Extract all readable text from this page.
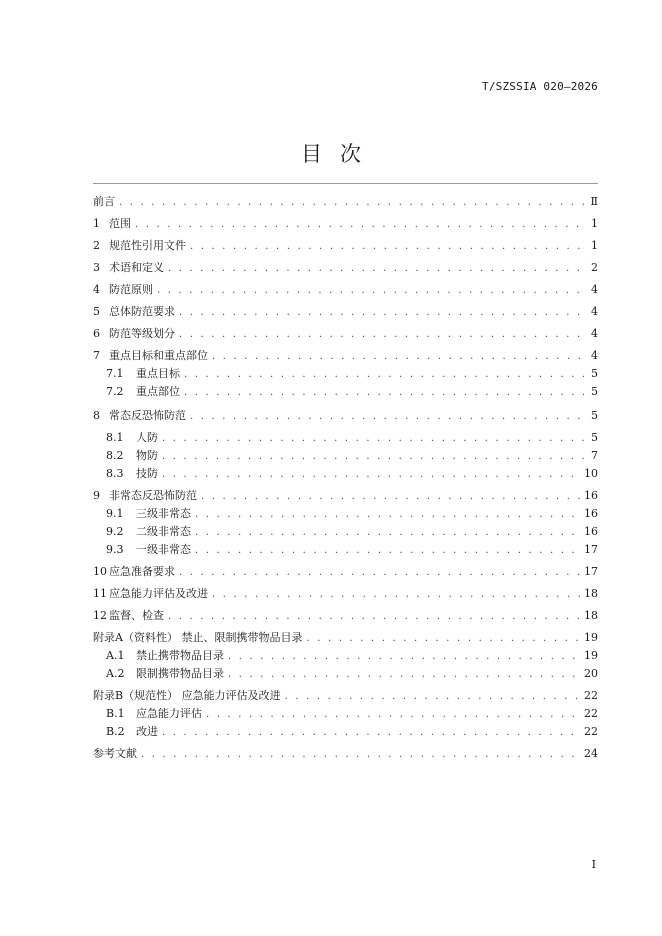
T/SZSSIA 020—2026
目次
前言 . . .	Ⅱ
1 范围 . . .	1
2 规范性引用文件 . . .	1
3 术语和定义 . . .	2
4 防范原则 . . .	4
5 总体防范要求 . . .	4
6 防范等级划分 . . .	4
7 重点目标和重点部位 . . .	4
7.1	重点目标 . . .	5
7.2	重点部位 . . .	5
8 常态反恐怖防范 . . .	5
8.1	人防 . . .	5
8.2	物防 . . .	7
8.3	技防 . . .	10
9 非常态反恐怖防范 . . .	16
9.1	三级非常态 . . .	16
9.2	二级非常态 . . .	16
9.3	一级非常态 . . .	17
10 应急准备要求 . . .	17
11 应急能力评估及改进 . . .	18
12 监督、检查 . . .	18
附录A（资料性） 禁止、限制携带物品目录 . . .	19
A.1	禁止携带物品目录 . . .	19
A.2	限制携带物品目录 . . .	20
附录B（规范性） 应急能力评估及改进 . . .	22
B.1	应急能力评估 . . .	22
B.2	改进 . . .	22
参考文献 . . .	24
I
